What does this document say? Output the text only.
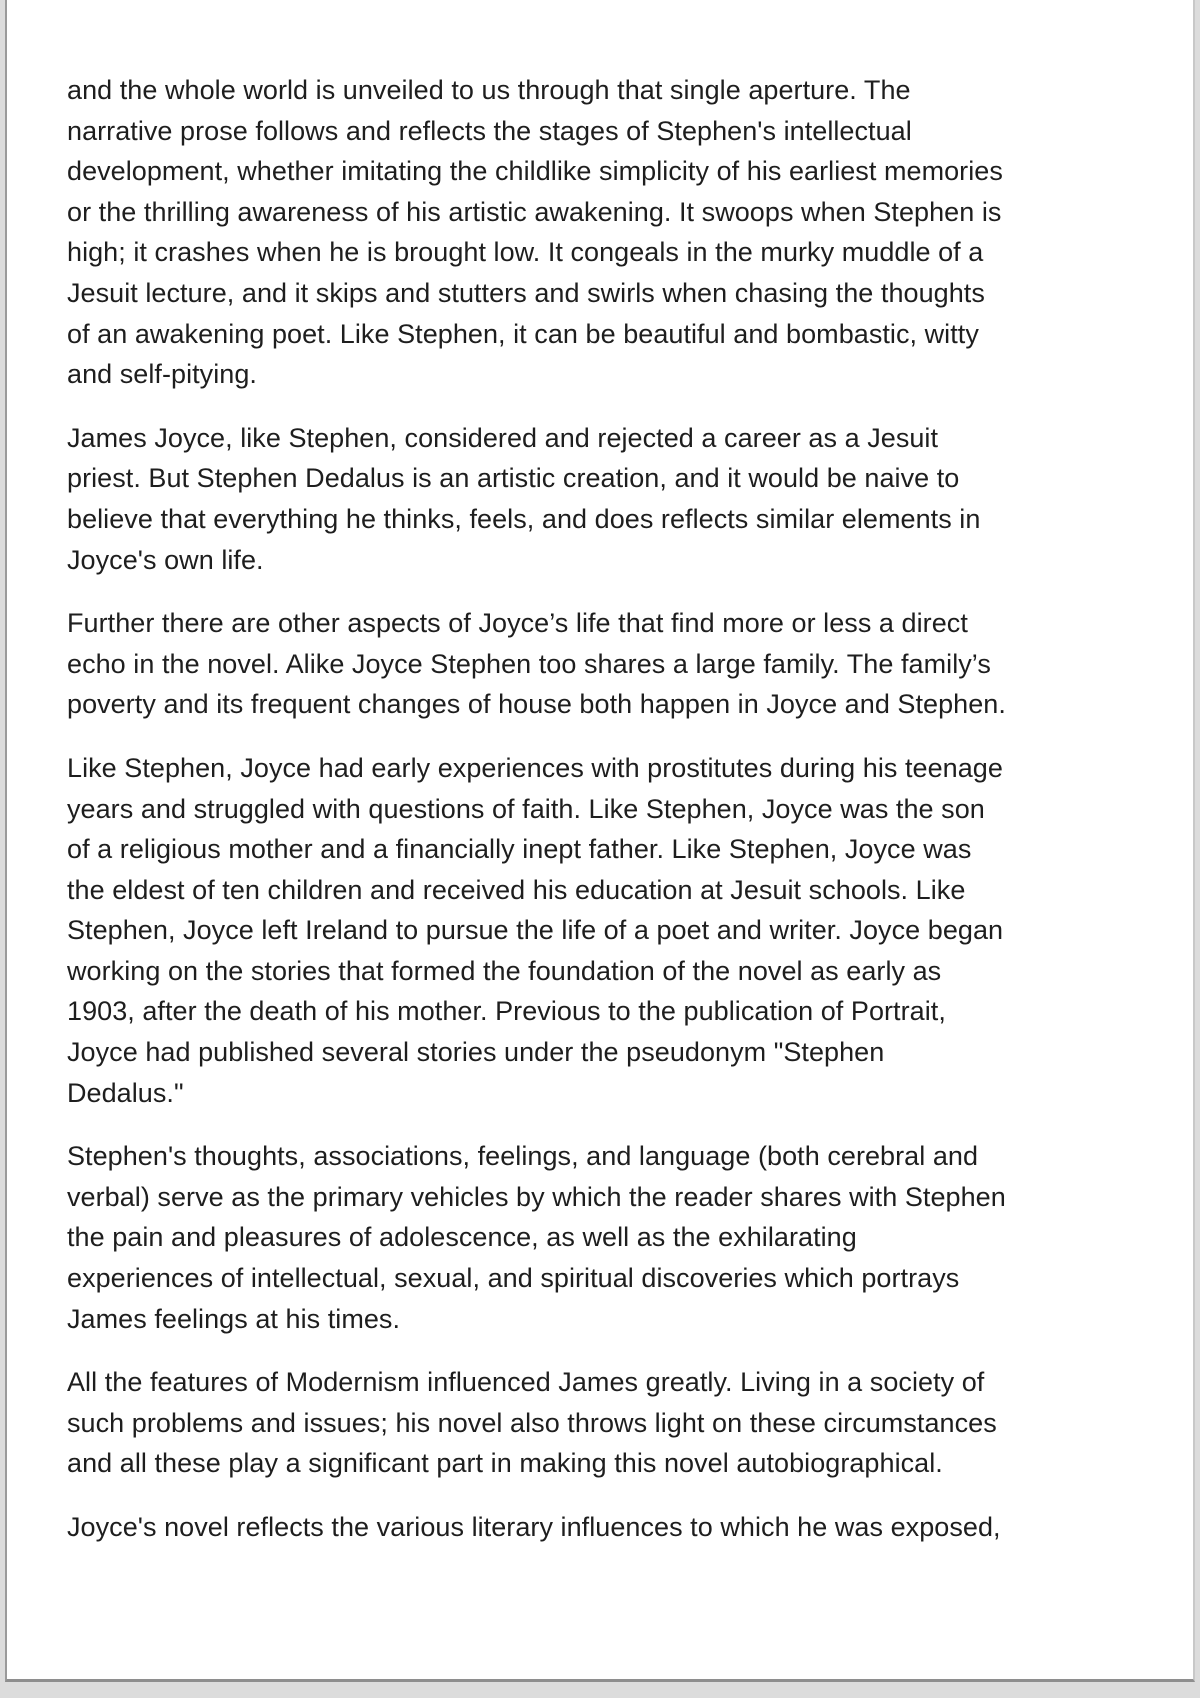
and the whole world is unveiled to us through that single aperture. The
narrative prose follows and reflects the stages of Stephen's intellectual
development, whether imitating the childlike simplicity of his earliest memories
or the thrilling awareness of his artistic awakening. It swoops when Stephen is
high; it crashes when he is brought low. It congeals in the murky muddle of a
Jesuit lecture, and it skips and stutters and swirls when chasing the thoughts
of an awakening poet. Like Stephen, it can be beautiful and bombastic, witty
and self-pitying.

James Joyce, like Stephen, considered and rejected a career as a Jesuit
priest. But Stephen Dedalus is an artistic creation, and it would be naive to
believe that everything he thinks, feels, and does reflects similar elements in
Joyce's own life.

Further there are other aspects of Joyce’s life that find more or less a direct
echo in the novel. Alike Joyce Stephen too shares a large family. The family’s
poverty and its frequent changes of house both happen in Joyce and Stephen.

Like Stephen, Joyce had early experiences with prostitutes during his teenage
years and struggled with questions of faith. Like Stephen, Joyce was the son
of a religious mother and a financially inept father. Like Stephen, Joyce was
the eldest of ten children and received his education at Jesuit schools. Like
Stephen, Joyce left Ireland to pursue the life of a poet and writer. Joyce began
working on the stories that formed the foundation of the novel as early as
1903, after the death of his mother. Previous to the publication of Portrait,
Joyce had published several stories under the pseudonym "Stephen
Dedalus."

Stephen's thoughts, associations, feelings, and language (both cerebral and
verbal) serve as the primary vehicles by which the reader shares with Stephen
the pain and pleasures of adolescence, as well as the exhilarating
experiences of intellectual, sexual, and spiritual discoveries which portrays
James feelings at his times.

All the features of Modernism influenced James greatly. Living in a society of
such problems and issues; his novel also throws light on these circumstances
and all these play a significant part in making this novel autobiographical.

Joyce's novel reflects the various literary influences to which he was exposed,
